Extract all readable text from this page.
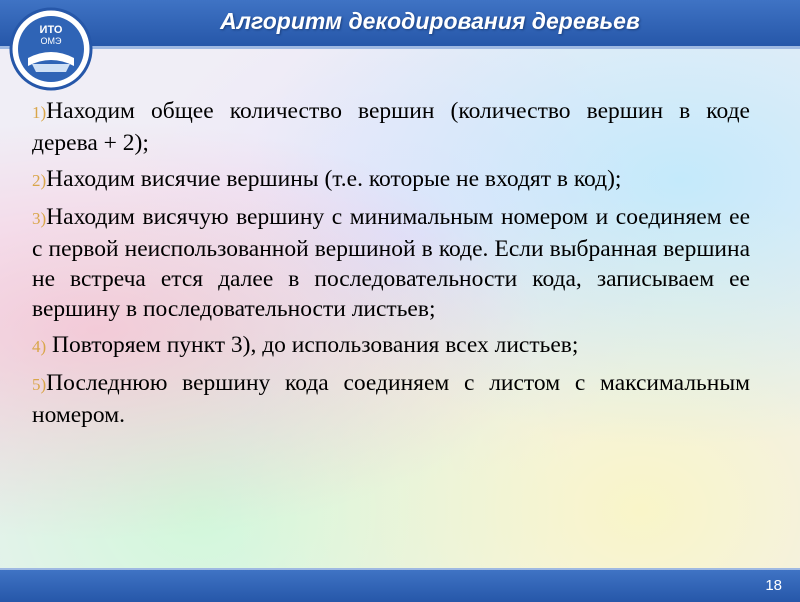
Алгоритм декодирования деревьев
ИТО
ОМЭ
1)Находим общее количество вершин (количество вершин в коде дерева + 2);
2)Находим висячие вершины (т.е. которые не входят в код);
3)Находим висячую вершину с минимальным номером и соединяем ее с первой неиспользованной вершиной в коде. Если выбранная вершина не встреча ется далее в последовательности кода, записываем ее вершину в последовательности листьев;
4) Повторяем пункт 3), до использования всех листьев;
5)Последнюю вершину кода соединяем с листом с максимальным номером.
18
